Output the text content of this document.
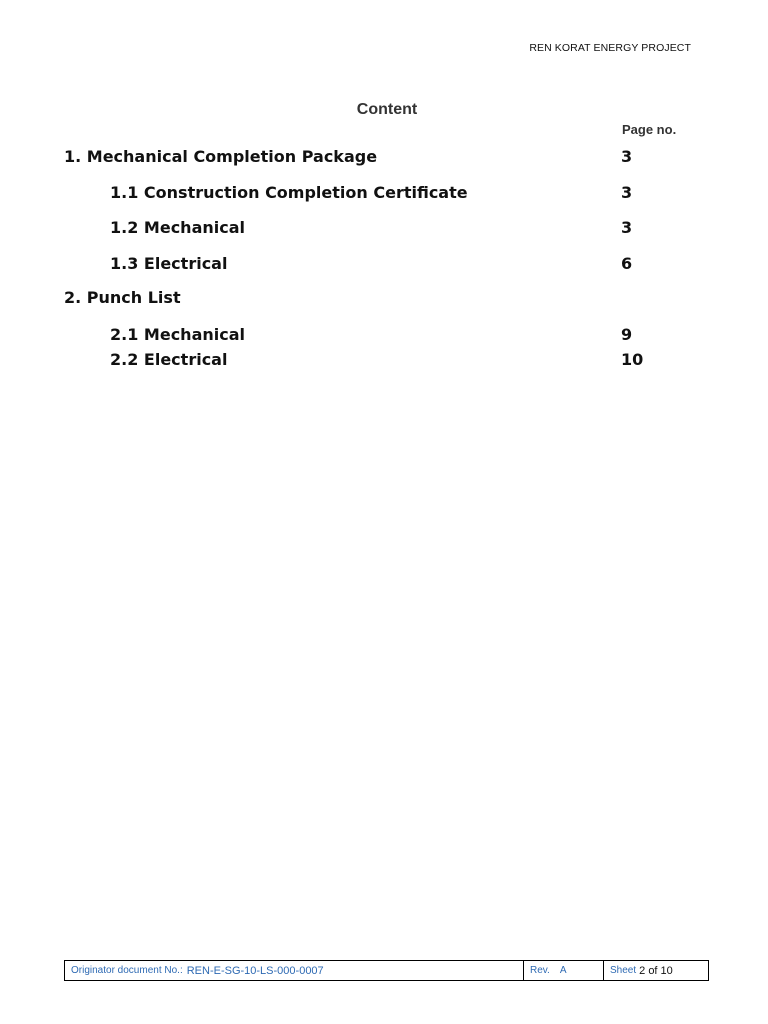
REN KORAT ENERGY PROJECT
Content
Page no.
1. Mechanical Completion Package	3
1.1 Construction Completion Certificate	3
1.2 Mechanical	3
1.3 Electrical	6
2. Punch List
2.1 Mechanical	9
2.2 Electrical	10
Originator document No.: REN-E-SG-10-LS-000-0007	Rev. A	Sheet 2 of 10
